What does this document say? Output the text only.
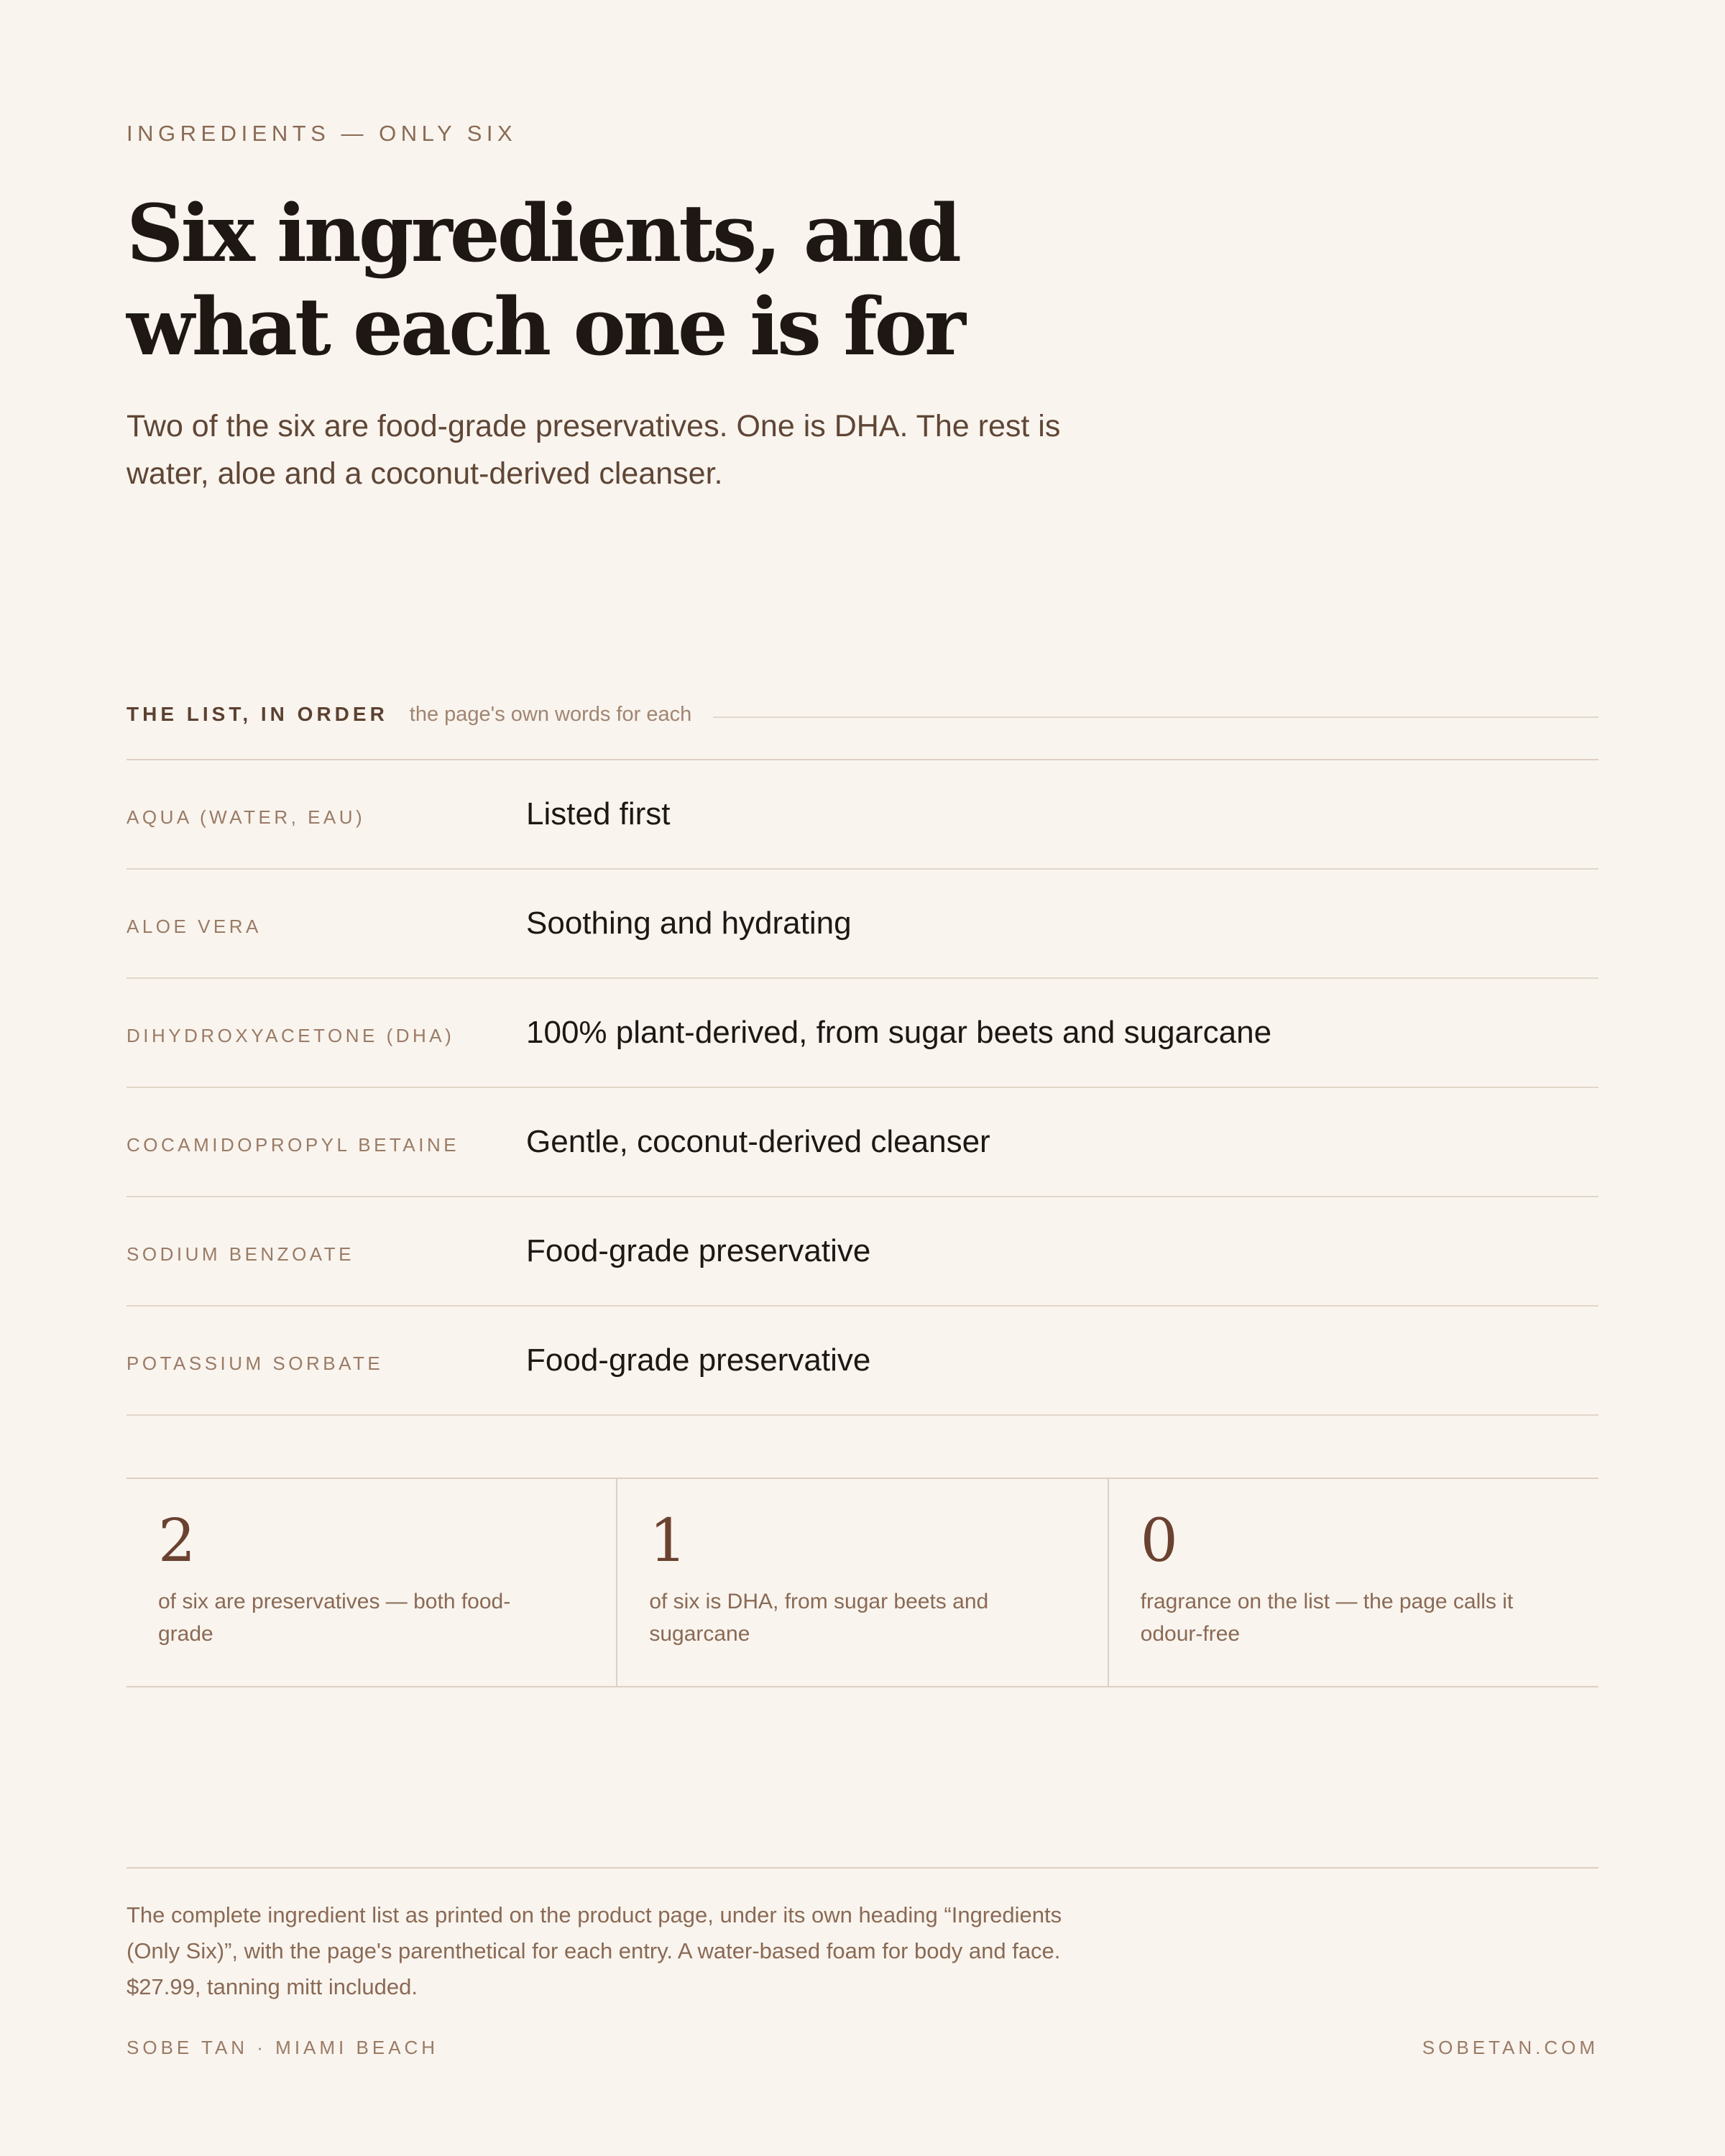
INGREDIENTS — ONLY SIX
Six ingredients, and
what each one is for

Two of the six are food-grade preservatives. One is DHA. The rest is
water, aloe and a coconut-derived cleanser.

THE LIST, IN ORDER the page's own words for each
AQUA (WATER, EAU)	Listed first
ALOE VERA	Soothing and hydrating
DIHYDROXYACETONE (DHA)	100% plant-derived, from sugar beets and sugarcane
COCAMIDOPROPYL BETAINE	Gentle, coconut-derived cleanser
SODIUM BENZOATE	Food-grade preservative
POTASSIUM SORBATE	Food-grade preservative
2
of six are preservatives — both food-
grade
1
of six is DHA, from sugar beets and
sugarcane
0
fragrance on the list — the page calls it
odour-free

The complete ingredient list as printed on the product page, under its own heading “Ingredients
(Only Six)”, with the page's parenthetical for each entry. A water-based foam for body and face.
$27.99, tanning mitt included.

SOBE TAN · MIAMI BEACH	SOBETAN.COM
